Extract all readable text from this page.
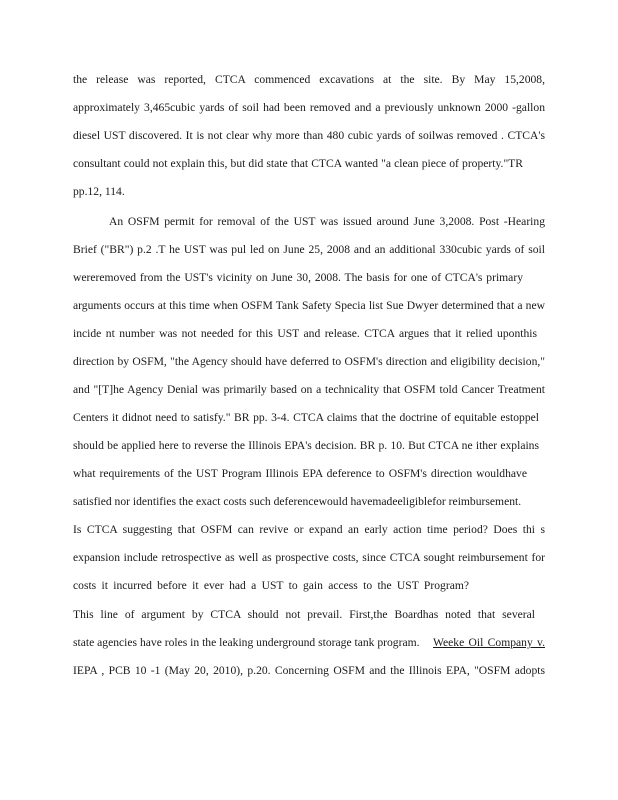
the release was reported, CTCA commenced excavations at the site. By May 15,2008,
approximately 3,465cubic yards of soil had been removed and a previously unknown 2000 -gallon
diesel UST discovered. It is not clear why more than 480 cubic yards of soilwas removed . CTCA's
consultant could not explain this, but did state that CTCA wanted "a clean piece of property."TR
pp.12, 114.
An OSFM permit for removal of the UST was issued around June 3,2008. Post -Hearing
Brief ("BR") p.2 .T he UST was pul led on June 25, 2008 and an additional 330cubic yards of soil
wereremoved from the UST's vicinity on June 30, 2008. The basis for one of CTCA's primary
arguments occurs at this time when OSFM Tank Safety Specia list Sue Dwyer determined that a new
incide nt number was not needed for this UST and release. CTCA argues that it relied uponthis
direction by OSFM, "the Agency should have deferred to OSFM's direction and eligibility decision,"
and "[T]he Agency Denial was primarily based on a technicality that OSFM told Cancer Treatment
Centers it didnot need to satisfy." BR pp. 3-4. CTCA claims that the doctrine of equitable estoppel
should be applied here to reverse the Illinois EPA's decision. BR p. 10. But CTCA ne ither explains
what requirements of the UST Program Illinois EPA deference to OSFM's direction wouldhave
satisfied nor identifies the exact costs such deferencewould havemadeeligiblefor reimbursement.
Is CTCA suggesting that OSFM can revive or expand an early action time period? Does thi s
expansion include retrospective as well as prospective costs, since CTCA sought reimbursement for
costs it incurred before it ever had a UST to gain access to the UST Program?
This line of argument by CTCA should not prevail. First,the Boardhas noted that several
state agencies have roles in the leaking underground storage tank program. Weeke Oil Company v.
IEPA , PCB 10 -1 (May 20, 2010), p.20. Concerning OSFM and the Illinois EPA, "OSFM adopts
